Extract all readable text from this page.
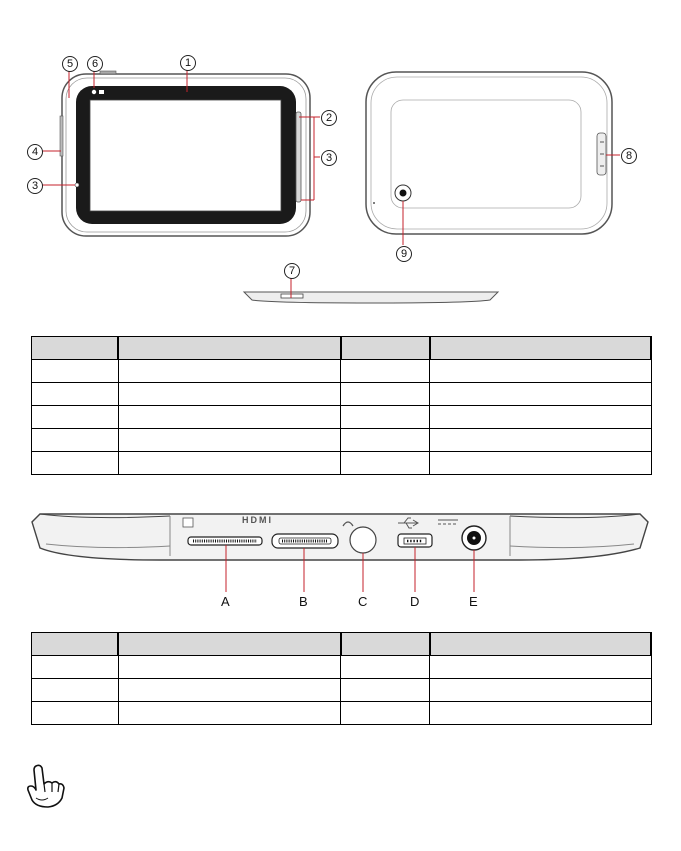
1
2
3
3
4
5	6
8
9
7

HDMI
A	B	C	D	E
